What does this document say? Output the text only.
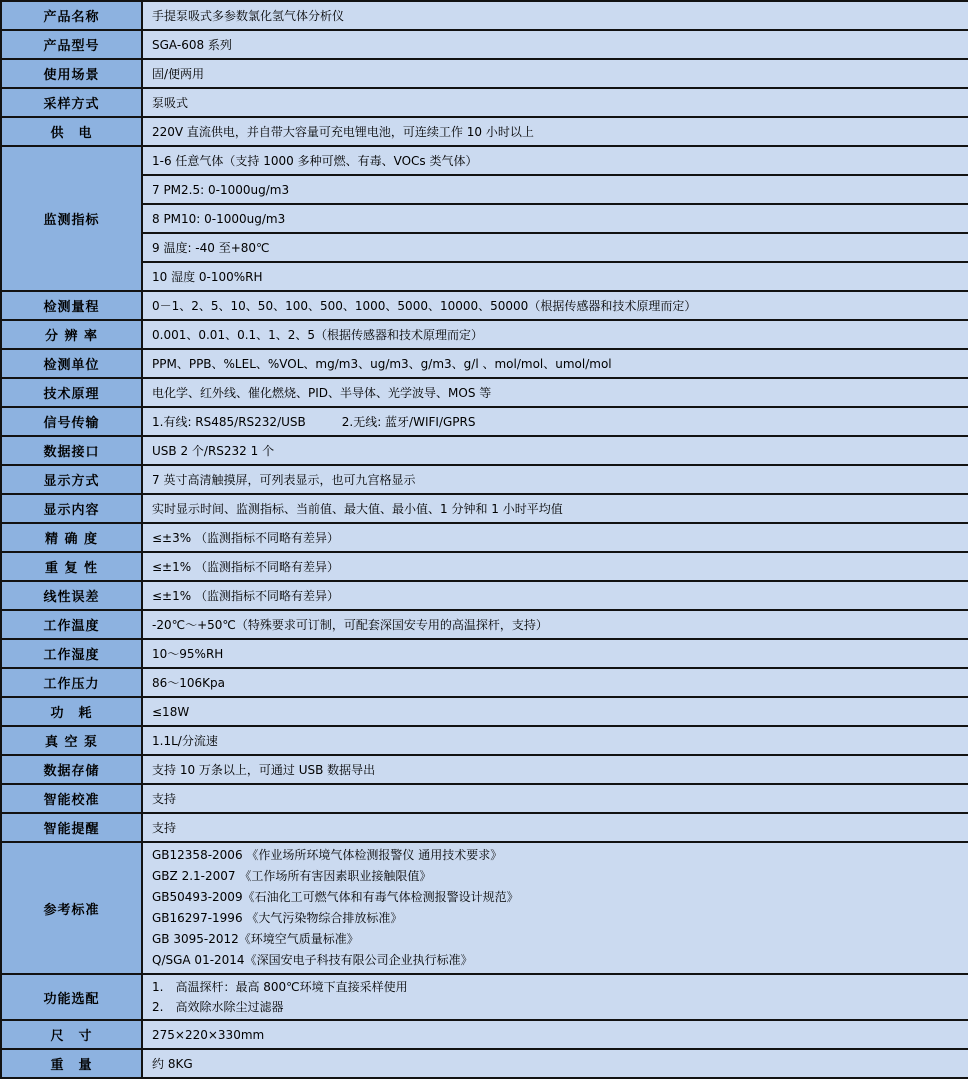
产品名称	手提泵吸式多参数氯化氢气体分析仪
产品型号	SGA-608 系列
使用场景	固/便两用
采样方式	泵吸式
供　电	220V 直流供电，并自带大容量可充电锂电池，可连续工作 10 小时以上
监测指标	1-6 任意气体（支持 1000 多种可燃、有毒、VOCs 类气体）
	7 PM2.5: 0-1000ug/m3
	8 PM10: 0-1000ug/m3
	9 温度: -40 至+80℃
	10 湿度 0-100%RH
检测量程	0－1、2、5、10、50、100、500、1000、5000、10000、50000（根据传感器和技术原理而定）
分 辨 率	0.001、0.01、0.1、1、2、5（根据传感器和技术原理而定）
检测单位	PPM、PPB、%LEL、%VOL、mg/m3、ug/m3、g/m3、g/l 、mol/mol、umol/mol
技术原理	电化学、红外线、催化燃烧、PID、半导体、光学波导、MOS 等
信号传输	1.有线: RS485/RS232/USB　　　2.无线: 蓝牙/WIFI/GPRS
数据接口	USB 2 个/RS232 1 个
显示方式	7 英寸高清触摸屏，可列表显示，也可九宫格显示
显示内容	实时显示时间、监测指标、当前值、最大值、最小值、1 分钟和 1 小时平均值
精 确 度	≤±3% （监测指标不同略有差异）
重 复 性	≤±1% （监测指标不同略有差异）
线性误差	≤±1% （监测指标不同略有差异）
工作温度	-20℃～+50℃（特殊要求可订制，可配套深国安专用的高温探杆，支持）
工作湿度	10～95%RH
工作压力	86～106Kpa
功　耗	≤18W
真 空 泵	1.1L/分流速
数据存储	支持 10 万条以上，可通过 USB 数据导出
智能校准	支持
智能提醒	支持
参考标准	
GB12358-2006 《作业场所环境气体检测报警仪 通用技术要求》
GBZ 2.1-2007 《工作场所有害因素职业接触限值》
GB50493-2009《石油化工可燃气体和有毒气体检测报警设计规范》
GB16297-1996 《大气污染物综合排放标准》
GB 3095-2012《环境空气质量标准》
Q/SGA 01-2014《深国安电子科技有限公司企业执行标准》

功能选配	1.　高温探杆：最高 800℃环境下直接采样使用
2.　高效除水除尘过滤器

尺　寸	275×220×330mm
重　量	约 8KG
